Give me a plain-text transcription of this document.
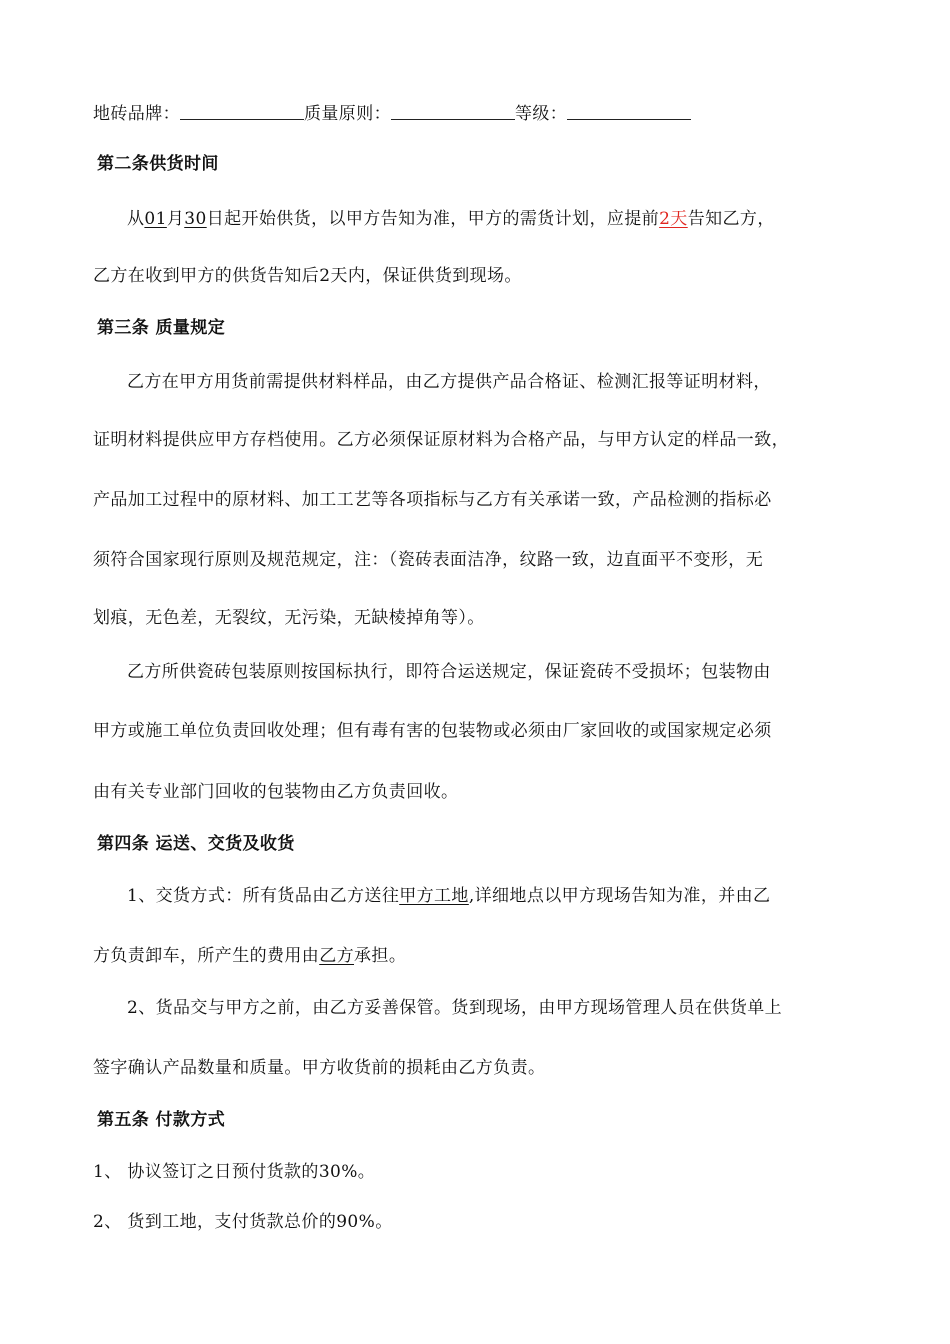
地砖品牌：	质量原则：	等级：
第二条供货时间
从01月30日起开始供货，以甲方告知为准，甲方的需货计划，应提前2天告知乙方，
乙方在收到甲方的供货告知后2天内，保证供货到现场。
第三条 质量规定
乙方在甲方用货前需提供材料样品，由乙方提供产品合格证、检测汇报等证明材料，
证明材料提供应甲方存档使用。乙方必须保证原材料为合格产品，与甲方认定的样品一致，
产品加工过程中的原材料、加工工艺等各项指标与乙方有关承诺一致，产品检测的指标必
须符合国家现行原则及规范规定，注：（瓷砖表面洁净，纹路一致，边直面平不变形，无
划痕，无色差，无裂纹，无污染，无缺棱掉角等）。
乙方所供瓷砖包装原则按国标执行，即符合运送规定，保证瓷砖不受损坏；包装物由
甲方或施工单位负责回收处理；但有毒有害的包装物或必须由厂家回收的或国家规定必须
由有关专业部门回收的包装物由乙方负责回收。
第四条 运送、交货及收货
1、交货方式：所有货品由乙方送往甲方工地,详细地点以甲方现场告知为准，并由乙
方负责卸车，所产生的费用由乙方承担。
2、货品交与甲方之前，由乙方妥善保管。货到现场，由甲方现场管理人员在供货单上
签字确认产品数量和质量。甲方收货前的损耗由乙方负责。
第五条 付款方式
1、 协议签订之日预付货款的30%。
2、 货到工地，支付货款总价的90%。
